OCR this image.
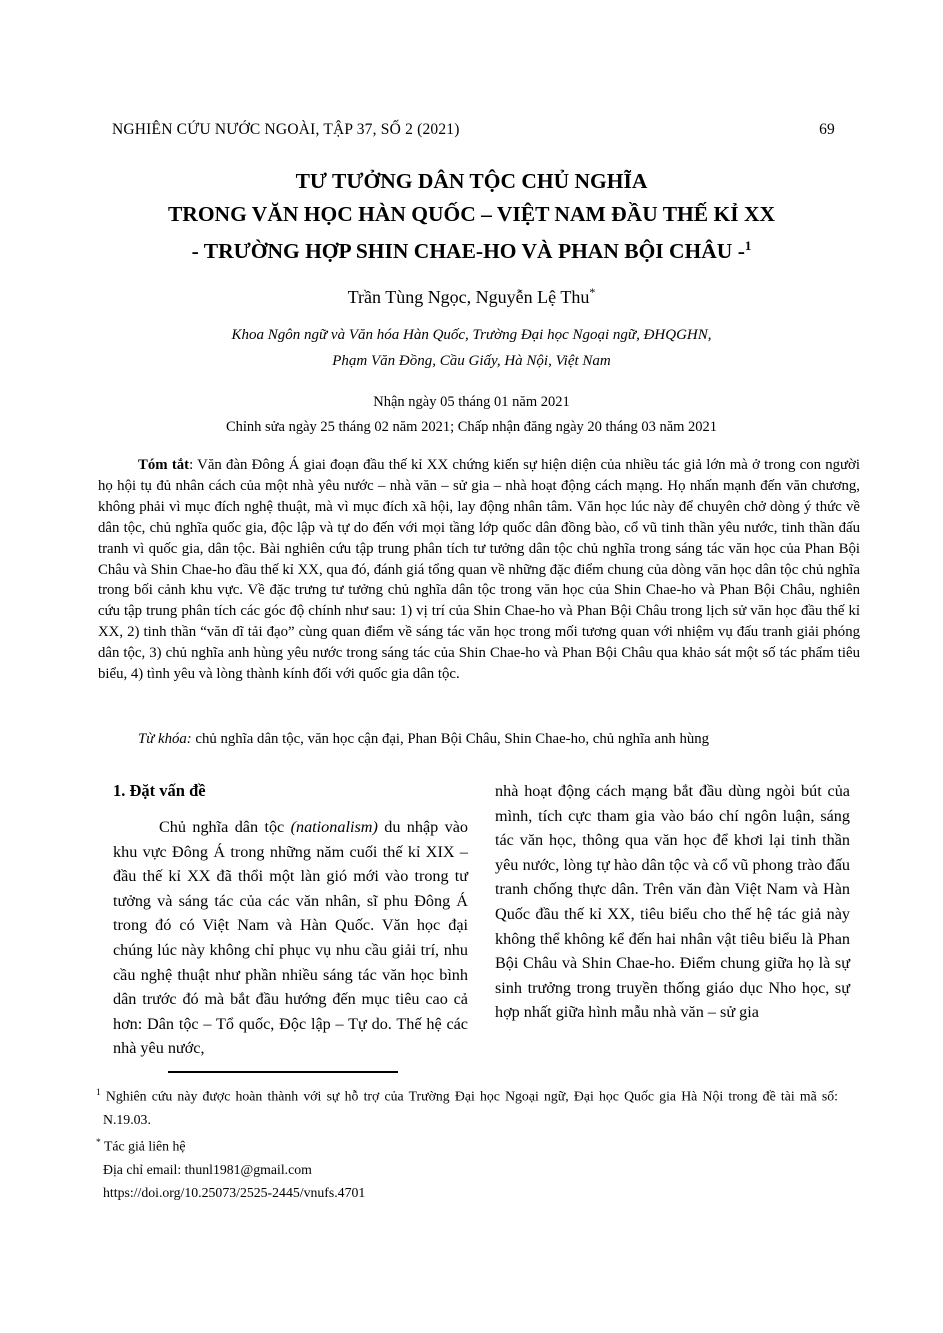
NGHIÊN CỨU NƯỚC NGOÀI, TẬP 37, SỐ 2 (2021)	69
TƯ TƯỞNG DÂN TỘC CHỦ NGHĨA
TRONG VĂN HỌC HÀN QUỐC – VIỆT NAM ĐẦU THẾ KỈ XX
- TRƯỜNG HỢP SHIN CHAE-HO VÀ PHAN BỘI CHÂU -$^1$
Trần Tùng Ngọc, Nguyễn Lệ Thu*
Khoa Ngôn ngữ và Văn hóa Hàn Quốc, Trường Đại học Ngoại ngữ, ĐHQGHN,
Phạm Văn Đồng, Cầu Giấy, Hà Nội, Việt Nam
Nhận ngày 05 tháng 01 năm 2021
Chỉnh sửa ngày 25 tháng 02 năm 2021; Chấp nhận đăng ngày 20 tháng 03 năm 2021

Tóm tắt: Văn đàn Đông Á giai đoạn đầu thế kỉ XX chứng kiến sự hiện diện của nhiều tác giả lớn mà ở trong con người họ hội tụ đủ nhân cách của một nhà yêu nước – nhà văn – sử gia – nhà hoạt động cách mạng. Họ nhấn mạnh đến văn chương, không phải vì mục đích nghệ thuật, mà vì mục đích xã hội, lay động nhân tâm. Văn học lúc này để chuyên chở dòng ý thức về dân tộc, chủ nghĩa quốc gia, độc lập và tự do đến với mọi tầng lớp quốc dân đồng bào, cổ vũ tinh thần yêu nước, tinh thần đấu tranh vì quốc gia, dân tộc. Bài nghiên cứu tập trung phân tích tư tưởng dân tộc chủ nghĩa trong sáng tác văn học của Phan Bội Châu và Shin Chae-ho đầu thế kỉ XX, qua đó, đánh giá tổng quan về những đặc điểm chung của dòng văn học dân tộc chủ nghĩa trong bối cảnh khu vực. Về đặc trưng tư tưởng chủ nghĩa dân tộc trong văn học của Shin Chae-ho và Phan Bội Châu, nghiên cứu tập trung phân tích các góc độ chính như sau: 1) vị trí của Shin Chae-ho và Phan Bội Châu trong lịch sử văn học đầu thế kỉ XX, 2) tinh thần “văn dĩ tải đạo” cùng quan điểm về sáng tác văn học trong mối tương quan với nhiệm vụ đấu tranh giải phóng dân tộc, 3) chủ nghĩa anh hùng yêu nước trong sáng tác của Shin Chae-ho và Phan Bội Châu qua khảo sát một số tác phẩm tiêu biểu, 4) tình yêu và lòng thành kính đối với quốc gia dân tộc.

Từ khóa: chủ nghĩa dân tộc, văn học cận đại, Phan Bội Châu, Shin Chae-ho, chủ nghĩa anh hùng

1. Đặt vấn đề

Chủ nghĩa dân tộc (nationalism) du nhập vào khu vực Đông Á trong những năm cuối thế kỉ XIX – đầu thế kỉ XX đã thổi một làn gió mới vào trong tư tưởng và sáng tác của các văn nhân, sĩ phu Đông Á trong đó có Việt Nam và Hàn Quốc. Văn học đại chúng lúc này không chỉ phục vụ nhu cầu giải trí, nhu cầu nghệ thuật như phần nhiều sáng tác văn học bình dân trước đó mà bắt đầu hướng đến mục tiêu cao cả hơn: Dân tộc – Tổ quốc, Độc lập – Tự do. Thế hệ các nhà yêu nước,

nhà hoạt động cách mạng bắt đầu dùng ngòi bút của mình, tích cực tham gia vào báo chí ngôn luận, sáng tác văn học, thông qua văn học để khơi lại tinh thần yêu nước, lòng tự hào dân tộc và cổ vũ phong trào đấu tranh chống thực dân. Trên văn đàn Việt Nam và Hàn Quốc đầu thế kỉ XX, tiêu biểu cho thế hệ tác giả này không thể không kể đến hai nhân vật tiêu biểu là Phan Bội Châu và Shin Chae-ho. Điểm chung giữa họ là sự sinh trưởng trong truyền thống giáo dục Nho học, sự hợp nhất giữa hình mẫu nhà văn – sử gia

$^1$ Nghiên cứu này được hoàn thành với sự hỗ trợ của Trường Đại học Ngoại ngữ, Đại học Quốc gia Hà Nội trong đề tài mã số: N.19.03.

* Tác giả liên hệ

Địa chỉ email: thunl1981@gmail.com

https://doi.org/10.25073/2525-2445/vnufs.4701
